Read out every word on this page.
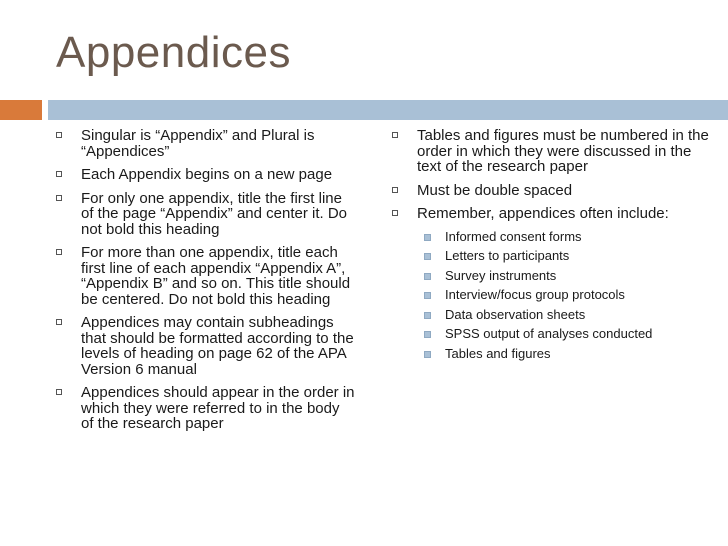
Appendices
Singular is “Appendix” and Plural is “Appendices”
Each Appendix begins on a new page
For only one appendix, title the first line of the page “Appendix” and center it. Do not bold this heading
For more than one appendix, title each first line of each appendix “Appendix A”, “Appendix B” and so on. This title should be centered. Do not bold this heading
Appendices may contain subheadings that should be formatted according to the levels of heading on page 62 of the APA Version 6 manual
Appendices should appear in the order in which they were referred to in the body of the research paper
Tables and figures must be numbered in the order in which they were discussed in the text of the research paper
Must be double spaced
Remember, appendices often include:
Informed consent forms
Letters to participants
Survey instruments
Interview/focus group protocols
Data observation sheets
SPSS output of analyses conducted
Tables and figures
